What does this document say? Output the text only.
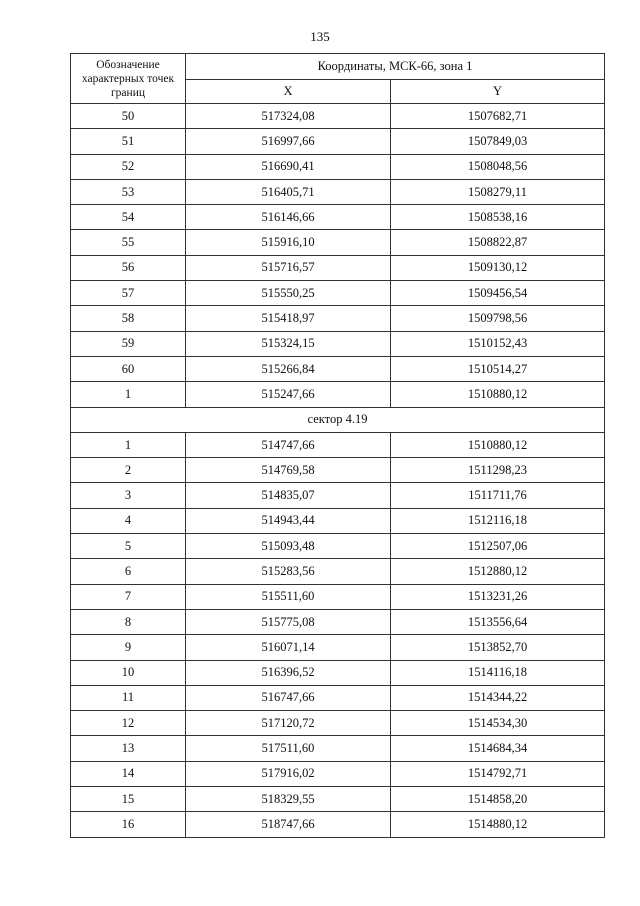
135
Обозначение характерных точек границ	Координаты, МСК-66, зона 1	
	X	Y
50	517324,08	1507682,71
51	516997,66	1507849,03
52	516690,41	1508048,56
53	516405,71	1508279,11
54	516146,66	1508538,16
55	515916,10	1508822,87
56	515716,57	1509130,12
57	515550,25	1509456,54
58	515418,97	1509798,56
59	515324,15	1510152,43
60	515266,84	1510514,27
1	515247,66	1510880,12
сектор 4.19		
1	514747,66	1510880,12
2	514769,58	1511298,23
3	514835,07	1511711,76
4	514943,44	1512116,18
5	515093,48	1512507,06
6	515283,56	1512880,12
7	515511,60	1513231,26
8	515775,08	1513556,64
9	516071,14	1513852,70
10	516396,52	1514116,18
11	516747,66	1514344,22
12	517120,72	1514534,30
13	517511,60	1514684,34
14	517916,02	1514792,71
15	518329,55	1514858,20
16	518747,66	1514880,12
